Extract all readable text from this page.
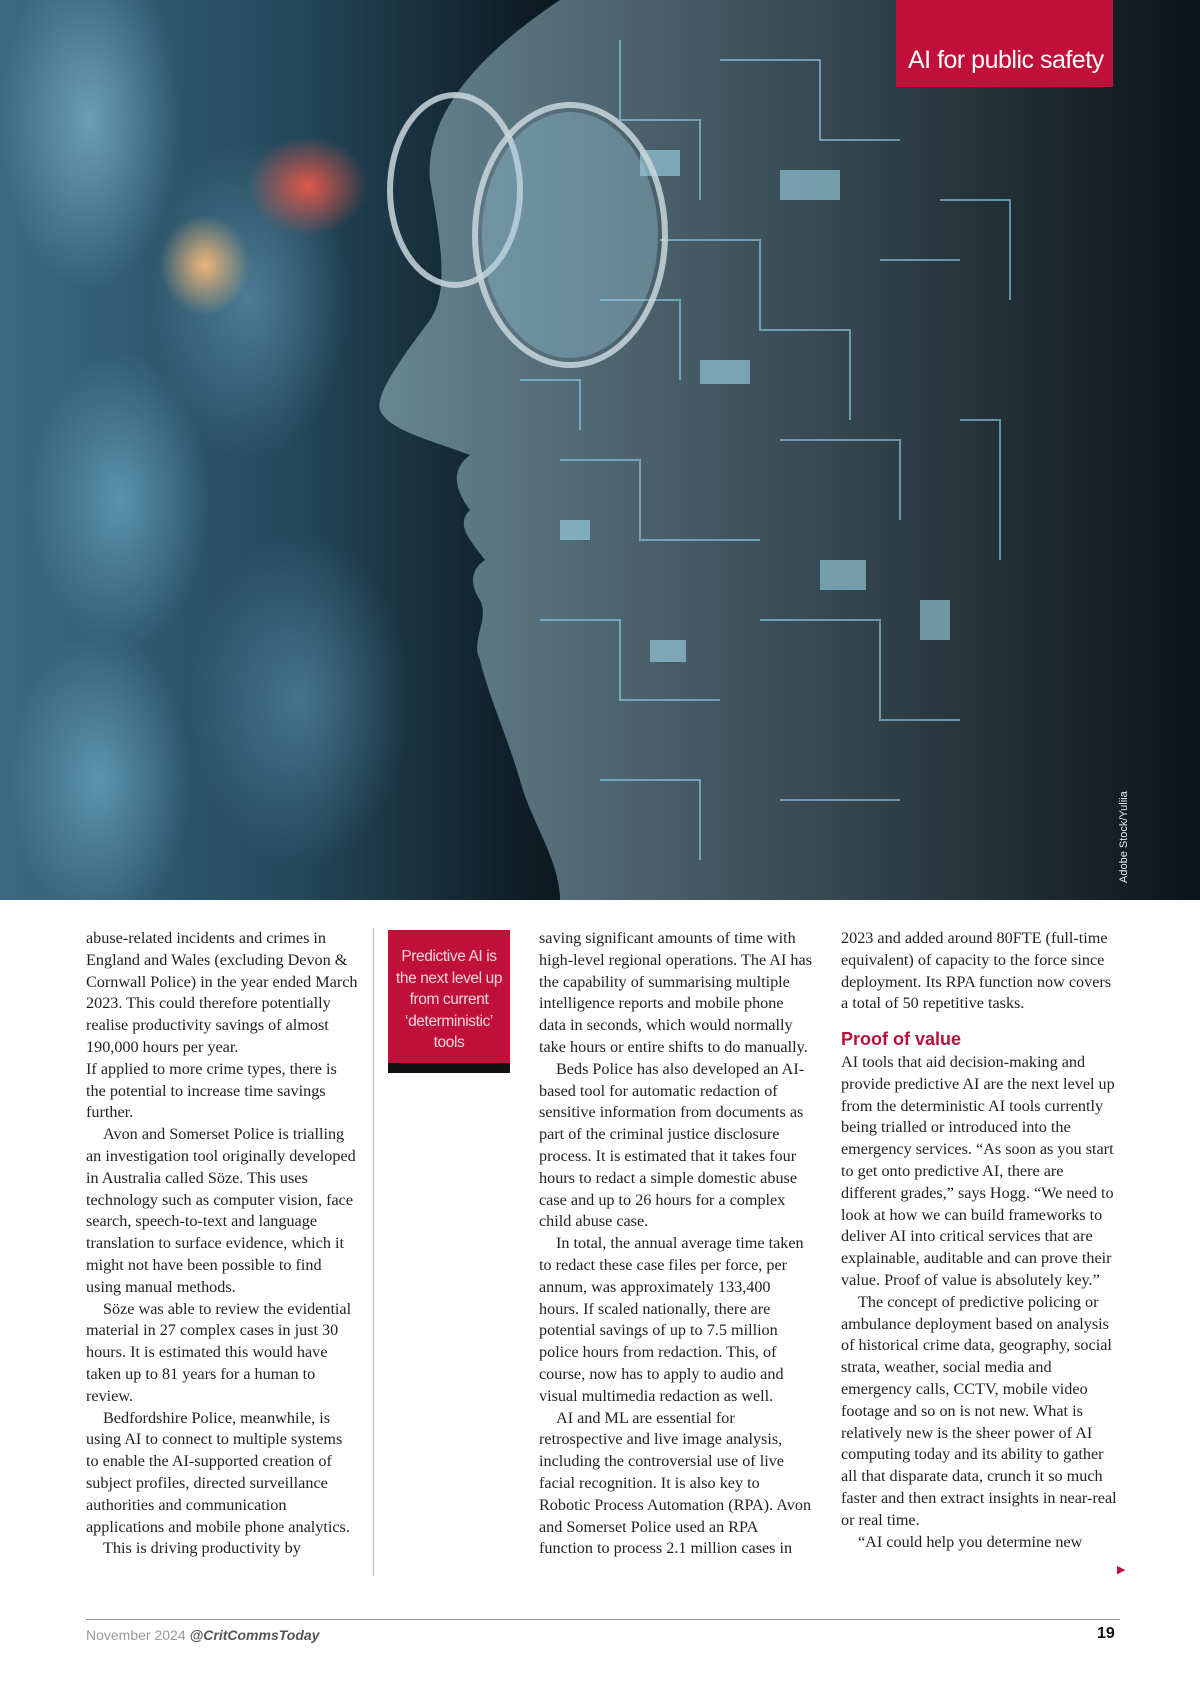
AI for public safety
Adobe Stock/Yuliia

abuse-related incidents and crimes in England and Wales (excluding Devon & Cornwall Police) in the year ended March 2023. This could therefore potentially realise productivity savings of almost 190,000 hours per year.

If applied to more crime types, there is the potential to increase time savings further.

Avon and Somerset Police is trialling an investigation tool originally developed in Australia called Söze. This uses technology such as computer vision, face search, speech-to-text and language translation to surface evidence, which it might not have been possible to find using manual methods.

Söze was able to review the evidential material in 27 complex cases in just 30 hours. It is estimated this would have taken up to 81 years for a human to review.

Bedfordshire Police, meanwhile, is using AI to connect to multiple systems to enable the AI-supported creation of subject profiles, directed surveillance authorities and communication applications and mobile phone analytics.

This is driving productivity by

Predictive AI is the next level up from current ‘deterministic’ tools

saving significant amounts of time with high-level regional operations. The AI has the capability of summarising multiple intelligence reports and mobile phone data in seconds, which would normally take hours or entire shifts to do manually.

Beds Police has also developed an AI-based tool for automatic redaction of sensitive information from documents as part of the criminal justice disclosure process. It is estimated that it takes four hours to redact a simple domestic abuse case and up to 26 hours for a complex child abuse case.

In total, the annual average time taken to redact these case files per force, per annum, was approximately 133,400 hours. If scaled nationally, there are potential savings of up to 7.5 million police hours from redaction. This, of course, now has to apply to audio and visual multimedia redaction as well.

AI and ML are essential for retrospective and live image analysis, including the controversial use of live facial recognition. It is also key to Robotic Process Automation (RPA). Avon and Somerset Police used an RPA function to process 2.1 million cases in

2023 and added around 80FTE (full-time equivalent) of capacity to the force since deployment. Its RPA function now covers a total of 50 repetitive tasks.

Proof of value

AI tools that aid decision-making and provide predictive AI are the next level up from the deterministic AI tools currently being trialled or introduced into the emergency services. “As soon as you start to get onto predictive AI, there are different grades,” says Hogg. “We need to look at how we can build frameworks to deliver AI into critical services that are explainable, auditable and can prove their value. Proof of value is absolutely key.”

The concept of predictive policing or ambulance deployment based on analysis of historical crime data, geography, social strata, weather, social media and emergency calls, CCTV, mobile video footage and so on is not new. What is relatively new is the sheer power of AI computing today and its ability to gather all that disparate data, crunch it so much faster and then extract insights in near-real or real time.

“AI could help you determine new

▶
November 2024 @CritCommsToday	19
